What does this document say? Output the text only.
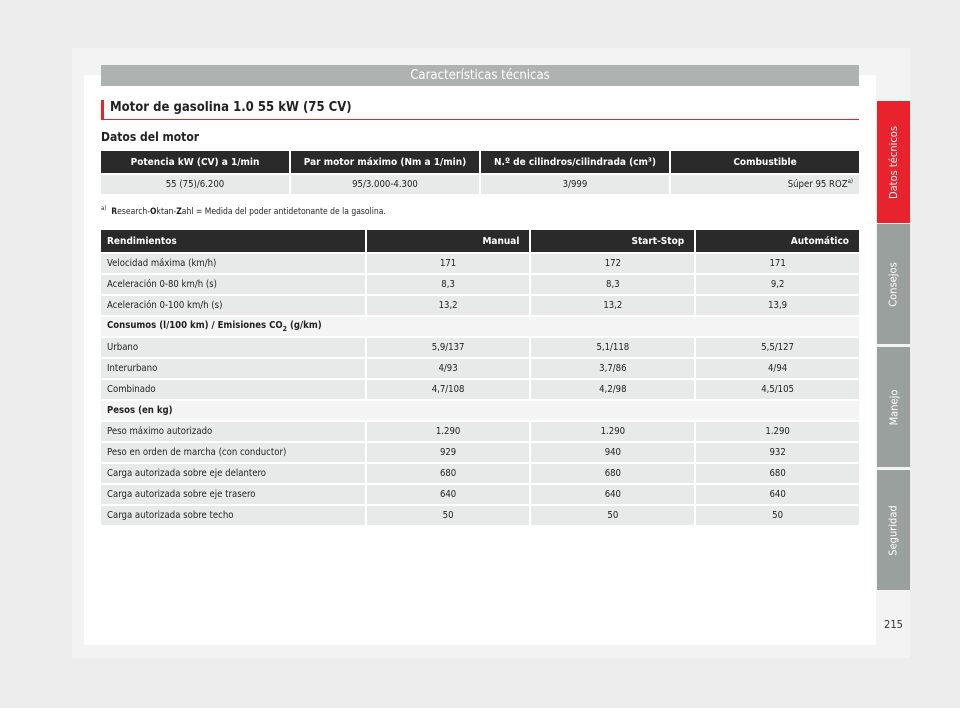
Características técnicas
Motor de gasolina 1.0 55 kW (75 CV)
Datos del motor
Potencia kW (CV) a 1/min	Par motor máximo (Nm a 1/min)	N.º de cilindros/cilindrada (cm³)	Combustible
55 (75)/6.200	95/3.000-4.300	3/999	Súper 95 ROZ$^{a)}$
$^{a)}$ Research-Oktan-Zahl = Medida del poder antidetonante de la gasolina.
Rendimientos	Manual	Start-Stop	Automático
Velocidad máxima (km/h)	171	172	171
Aceleración 0-80 km/h (s)	8,3	8,3	9,2
Aceleración 0-100 km/h (s)	13,2	13,2	13,9
Consumos (l/100 km) / Emisiones $CO_2$ (g/km)			
Urbano	5,9/137	5,1/118	5,5/127
Interurbano	4/93	3,7/86	4/94
Combinado	4,7/108	4,2/98	4,5/105
Pesos (en kg)			
Peso máximo autorizado	1.290	1.290	1.290
Peso en orden de marcha (con conductor)	929	940	932
Carga autorizada sobre eje delantero	680	680	680
Carga autorizada sobre eje trasero	640	640	640
Carga autorizada sobre techo	50	50	50
Datos técnicos
Consejos
Manejo
Seguridad
215
